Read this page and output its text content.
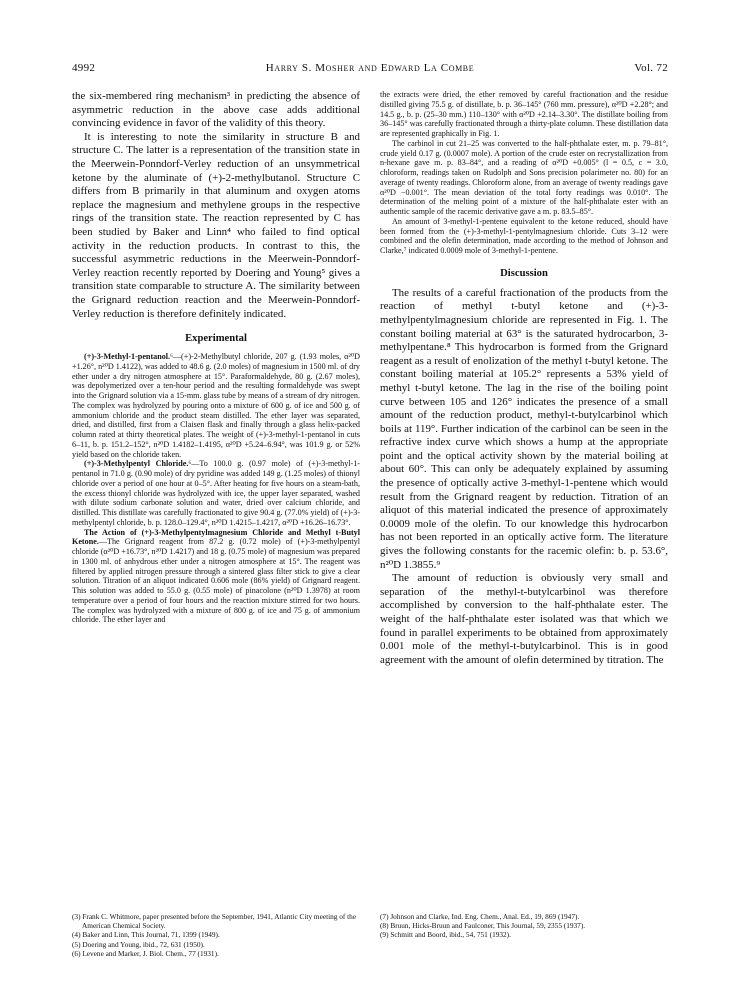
4992	Harry S. Mosher and Edward La Combe	Vol. 72

the six-membered ring mechanism³ in predicting the absence of asymmetric reduction in the above case adds additional convincing evidence in favor of the validity of this theory.

It is interesting to note the similarity in structure B and structure C. The latter is a representation of the transition state in the Meerwein-Ponndorf-Verley reduction of an unsymmetrical ketone by the aluminate of (+)-2-methylbutanol. Structure C differs from B primarily in that aluminum and oxygen atoms replace the magnesium and methylene groups in the respective rings of the transition state. The reaction represented by C has been studied by Baker and Linn⁴ who failed to find optical activity in the reduction products. In contrast to this, the successful asymmetric reductions in the Meerwein-Ponndorf-Verley reaction recently reported by Doering and Young⁵ gives a transition state comparable to structure A. The similarity between the Grignard reduction reaction and the Meerwein-Ponndorf-Verley reduction is therefore definitely indicated.

Experimental

(+)-3-Methyl-1-pentanol.⁶—(+)-2-Methylbutyl chloride, 207 g. (1.93 moles, α²⁰D +1.26°, n²⁰D 1.4122), was added to 48.6 g. (2.0 moles) of magnesium in 1500 ml. of dry ether under a dry nitrogen atmosphere at 15°. Paraformaldehyde, 80 g. (2.67 moles), was depolymerized over a ten-hour period and the resulting formaldehyde was swept into the Grignard solution via a 15-mm. glass tube by means of a stream of dry nitrogen. The complex was hydrolyzed by pouring onto a mixture of 600 g. of ice and 500 g. of ammonium chloride and the product steam distilled. The ether layer was separated, dried, and distilled, first from a Claisen flask and finally through a glass helix-packed column rated at thirty theoretical plates. The weight of (+)-3-methyl-1-pentanol in cuts 6–11, b. p. 151.2–152°, n²⁰D 1.4182–1.4195, α²⁰D +5.24–6.94°, was 101.9 g. or 52% yield based on the chloride taken.

(+)-3-Methylpentyl Chloride.⁶—To 100.0 g. (0.97 mole) of (+)-3-methyl-1-pentanol in 71.0 g. (0.90 mole) of dry pyridine was added 149 g. (1.25 moles) of thionyl chloride over a period of one hour at 0–5°. After heating for five hours on a steam-bath, the excess thionyl chloride was hydrolyzed with ice, the upper layer separated, washed with dilute sodium carbonate solution and water, dried over calcium chloride, and distilled. This distillate was carefully fractionated to give 90.4 g. (77.0% yield) of (+)-3-methylpentyl chloride, b. p. 128.0–129.4°, n²⁰D 1.4215–1.4217, α²⁰D +16.26–16.73°.

The Action of (+)-3-Methylpentylmagnesium Chloride and Methyl t-Butyl Ketone.—The Grignard reagent from 87.2 g. (0.72 mole) of (+)-3-methylpentyl chloride (α²⁰D +16.73°, n²⁰D 1.4217) and 18 g. (0.75 mole) of magnesium was prepared in 1300 ml. of anhydrous ether under a nitrogen atmosphere at 15°. The reagent was filtered by applied nitrogen pressure through a sintered glass filter stick to give a clear solution. Titration of an aliquot indicated 0.606 mole (86% yield) of Grignard reagent. This solution was added to 55.0 g. (0.55 mole) of pinacolone (n²⁰D 1.3978) at room temperature over a period of four hours and the reaction mixture stirred for two hours. The complex was hydrolyzed with a mixture of 800 g. of ice and 75 g. of ammonium chloride. The ether layer and

the extracts were dried, the ether removed by careful fractionation and the residue distilled giving 75.5 g. of distillate, b. p. 36–145° (760 mm. pressure), α²⁰D +2.28°; and 14.5 g., b. p. (25–30 mm.) 110–130° with α²⁰D +2.14–3.30°. The distillate boiling from 36–145° was carefully fractionated through a thirty-plate column. These distillation data are represented graphically in Fig. 1.

The carbinol in cut 21–25 was converted to the half-phthalate ester, m. p. 79–81°, crude yield 0.17 g. (0.0007 mole). A portion of the crude ester on recrystallization from n-hexane gave m. p. 83–84°, and a reading of α²⁰D +0.005° (l = 0.5, c = 3.0, chloroform, readings taken on Rudolph and Sons precision polarimeter no. 80) for an average of twenty readings. Chloroform alone, from an average of twenty readings gave α²⁰D −0.001°. The mean deviation of the total forty readings was 0.010°. The determination of the melting point of a mixture of the half-phthalate ester with an authentic sample of the racemic derivative gave a m. p. 83.5–85°.

An amount of 3-methyl-1-pentene equivalent to the ketone reduced, should have been formed from the (+)-3-methyl-1-pentylmagnesium chloride. Cuts 3–12 were combined and the olefin determination, made according to the method of Johnson and Clarke,⁷ indicated 0.0009 mole of 3-methyl-1-pentene.

Discussion

The results of a careful fractionation of the products from the reaction of methyl t-butyl ketone and (+)-3-methylpentylmagnesium chloride are represented in Fig. 1. The constant boiling material at 63° is the saturated hydrocarbon, 3-methylpentane.⁸ This hydrocarbon is formed from the Grignard reagent as a result of enolization of the methyl t-butyl ketone. The constant boiling material at 105.2° represents a 53% yield of methyl t-butyl ketone. The lag in the rise of the boiling point curve between 105 and 126° indicates the presence of a small amount of the reduction product, methyl-t-butylcarbinol which boils at 119°. Further indication of the carbinol can be seen in the refractive index curve which shows a hump at the appropriate point and the optical activity shown by the material boiling at about 60°. This can only be adequately explained by assuming the presence of optically active 3-methyl-1-pentene which would result from the Grignard reagent by reduction. Titration of an aliquot of this material indicated the presence of approximately 0.0009 mole of the olefin. To our knowledge this hydrocarbon has not been reported in an optically active form. The literature gives the following constants for the racemic olefin: b. p. 53.6°, n²⁰D 1.3855.⁹

The amount of reduction is obviously very small and separation of the methyl-t-butylcarbinol was therefore accomplished by conversion to the half-phthalate ester. The weight of the half-phthalate ester isolated was that which we found in parallel experiments to be obtained from approximately 0.001 mole of the methyl-t-butylcarbinol. This is in good agreement with the amount of olefin determined by titration. The

(3) Frank C. Whitmore, paper presented before the September, 1941, Atlantic City meeting of the American Chemical Society.

(4) Baker and Linn, This Journal, 71, 1399 (1949).

(5) Doering and Young, ibid., 72, 631 (1950).

(6) Levene and Marker, J. Biol. Chem., 77 (1931).

(7) Johnson and Clarke, Ind. Eng. Chem., Anal. Ed., 19, 869 (1947).

(8) Bruun, Hicks-Bruun and Faulconer, This Journal, 59, 2355 (1937).

(9) Schmitt and Boord, ibid., 54, 751 (1932).
